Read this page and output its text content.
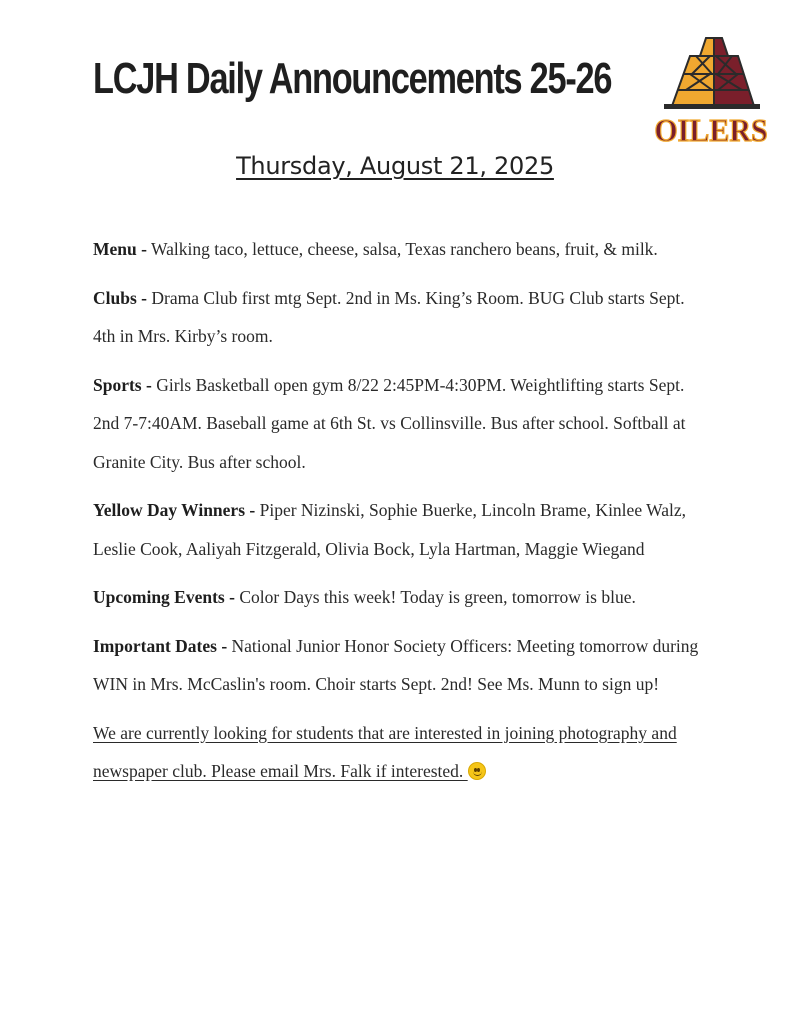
LCJH Daily Announcements 25-26
OILERS
Thursday, August 21, 2025

Menu - Walking taco, lettuce, cheese, salsa, Texas ranchero beans, fruit, & milk.

Clubs - Drama Club first mtg Sept. 2nd in Ms. King’s Room. BUG Club starts Sept. 4th in Mrs. Kirby’s room.

Sports - Girls Basketball open gym 8/22 2:45PM-4:30PM. Weightlifting starts Sept. 2nd 7-7:40AM. Baseball game at 6th St. vs Collinsville. Bus after school. Softball at Granite City. Bus after school.

Yellow Day Winners - Piper Nizinski, Sophie Buerke, Lincoln Brame, Kinlee Walz, Leslie Cook, Aaliyah Fitzgerald, Olivia Bock, Lyla Hartman, Maggie Wiegand

Upcoming Events - Color Days this week! Today is green, tomorrow is blue.

Important Dates - National Junior Honor Society Officers: Meeting tomorrow during WIN in Mrs. McCaslin's room. Choir starts Sept. 2nd! See Ms. Munn to sign up!

We are currently looking for students that are interested in joining photography and newspaper club. Please email Mrs. Falk if interested.
